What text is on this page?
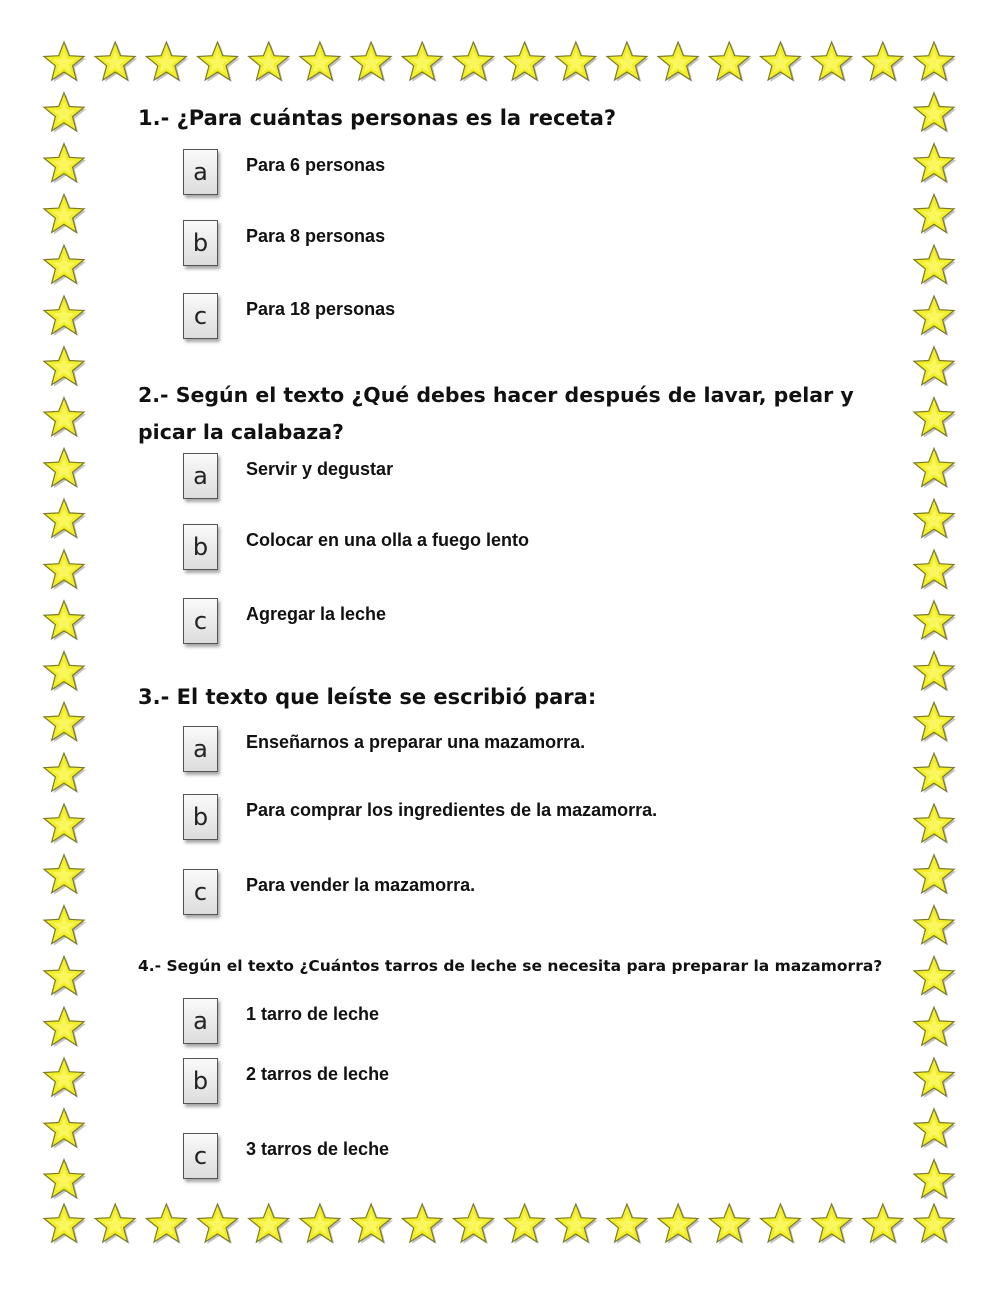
1.- ¿Para cuántas personas es la receta?

a	Para 6 personas
b	Para 8 personas
c	Para 18 personas

2.- Según el texto ¿Qué debes hacer después de lavar, pelar y picar la calabaza?

a	Servir y degustar
b	Colocar en una olla a fuego lento
c	Agregar la leche

3.- El texto que leíste se escribió para:

a	Enseñarnos a preparar una mazamorra.
b	Para comprar los ingredientes de la mazamorra.
c	Para vender la mazamorra.

4.- Según el texto ¿Cuántos tarros de leche se necesita para preparar la mazamorra?

a	1 tarro de leche
b	2 tarros de leche
c	3 tarros de leche
